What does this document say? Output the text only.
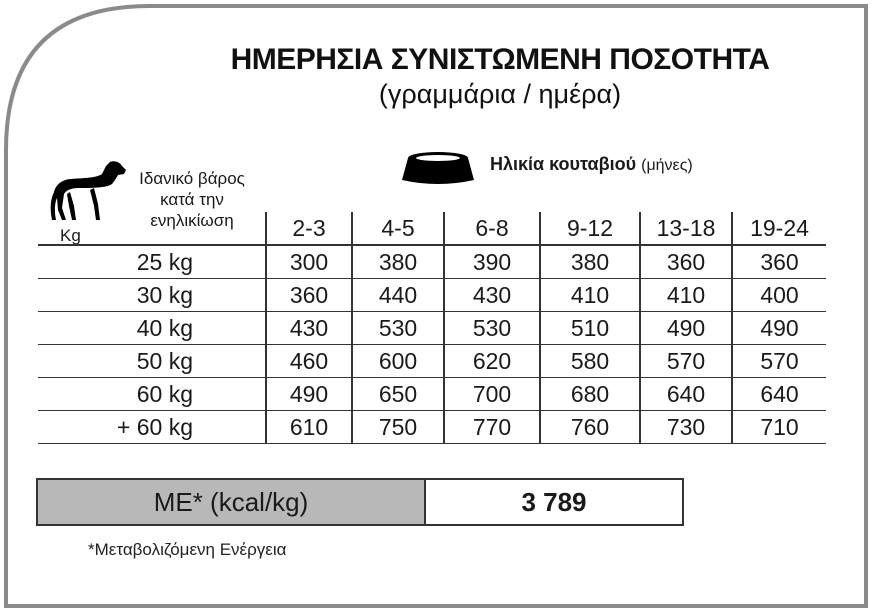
ΗΜΕΡΗΣΙΑ ΣΥΝΙΣΤΩΜΕΝΗ ΠΟΣΟΤΗΤΑ
(γραμμάρια / ημέρα)
Kg
Ιδανικό βάρος
κατά την
ενηλικίωση
Ηλικία κουταβιού (μήνες)
	2-3	4-5	6-8	9-12	13-18	19-24
25 kg	300	380	390	380	360	360
30 kg	360	440	430	410	410	400
40 kg	430	530	530	510	490	490
50 kg	460	600	620	580	570	570
60 kg	490	650	700	680	640	640
+ 60 kg	610	750	770	760	730	710
ME* (kcal/kg)	3 789
*Μεταβολιζόμενη Ενέργεια
